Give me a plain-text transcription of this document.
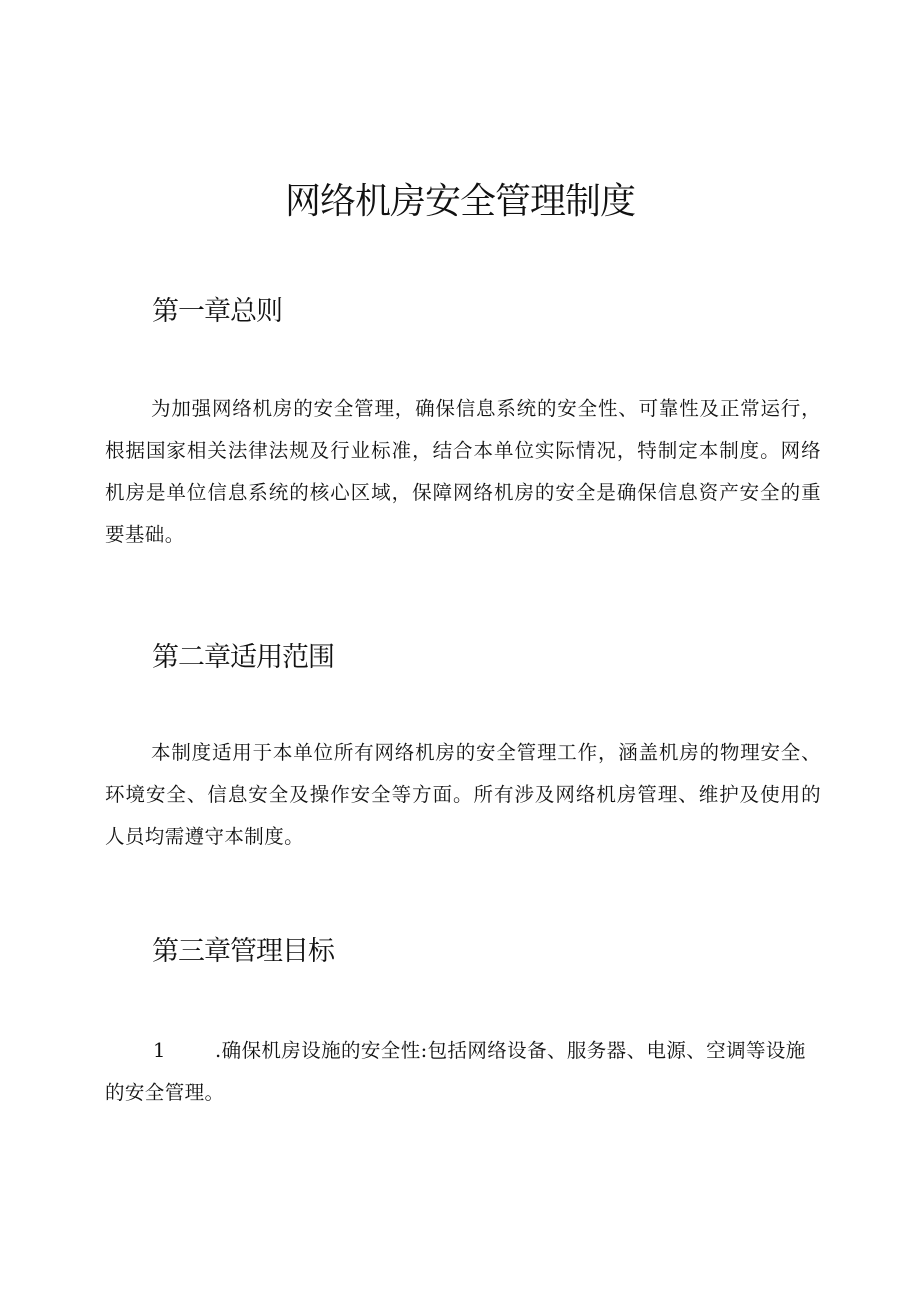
网络机房安全管理制度
第一章总则

为加强网络机房的安全管理，确保信息系统的安全性、可靠性及正常运行，根据国家相关法律法规及行业标准，结合本单位实际情况，特制定本制度。网络机房是单位信息系统的核心区域，保障网络机房的安全是确保信息资产安全的重要基础。

第二章适用范围

本制度适用于本单位所有网络机房的安全管理工作，涵盖机房的物理安全、环境安全、信息安全及操作安全等方面。所有涉及网络机房管理、维护及使用的人员均需遵守本制度。

第三章管理目标

1	.确保机房设施的安全性:包括网络设备、服务器、电源、空调等设施的安全管理。
